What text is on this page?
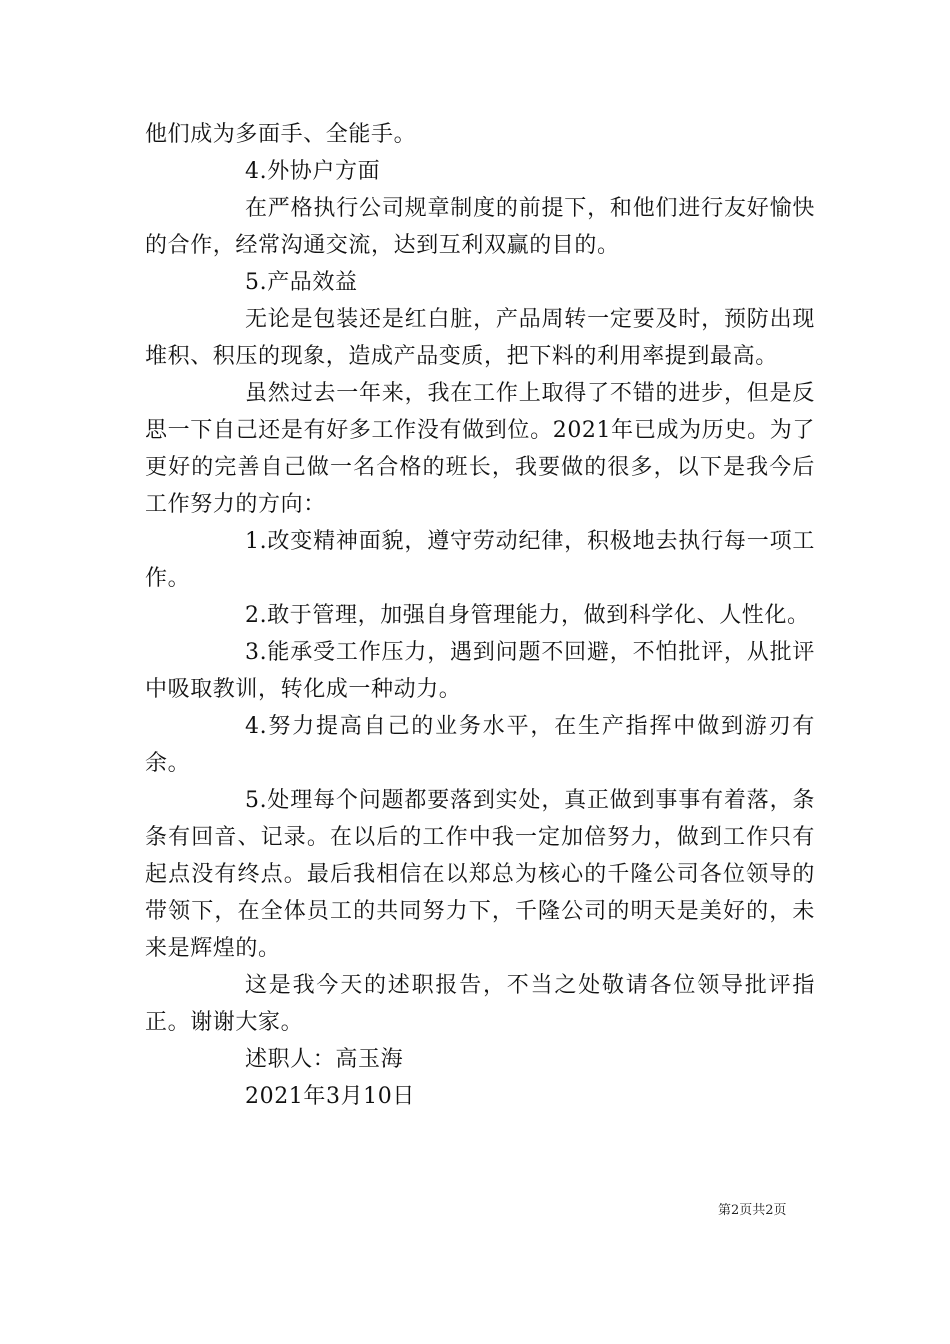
他们成为多面手、全能手。

4.外协户方面

在严格执行公司规章制度的前提下，和他们进行友好愉快的合作，经常沟通交流，达到互利双赢的目的。

5.产品效益

无论是包装还是红白脏，产品周转一定要及时，预防出现堆积、积压的现象，造成产品变质，把下料的利用率提到最高。

虽然过去一年来，我在工作上取得了不错的进步，但是反思一下自己还是有好多工作没有做到位。2021年已成为历史。为了更好的完善自己做一名合格的班长，我要做的很多，以下是我今后工作努力的方向：

1.改变精神面貌，遵守劳动纪律，积极地去执行每一项工作。

2.敢于管理，加强自身管理能力，做到科学化、人性化。

3.能承受工作压力，遇到问题不回避，不怕批评，从批评中吸取教训，转化成一种动力。

4.努力提高自己的业务水平，在生产指挥中做到游刃有余。

5.处理每个问题都要落到实处，真正做到事事有着落，条条有回音、记录。在以后的工作中我一定加倍努力，做到工作只有起点没有终点。最后我相信在以郑总为核心的千隆公司各位领导的带领下，在全体员工的共同努力下，千隆公司的明天是美好的，未来是辉煌的。

这是我今天的述职报告，不当之处敬请各位领导批评指正。谢谢大家。

述职人：高玉海

2021年3月10日

第2页共2页
